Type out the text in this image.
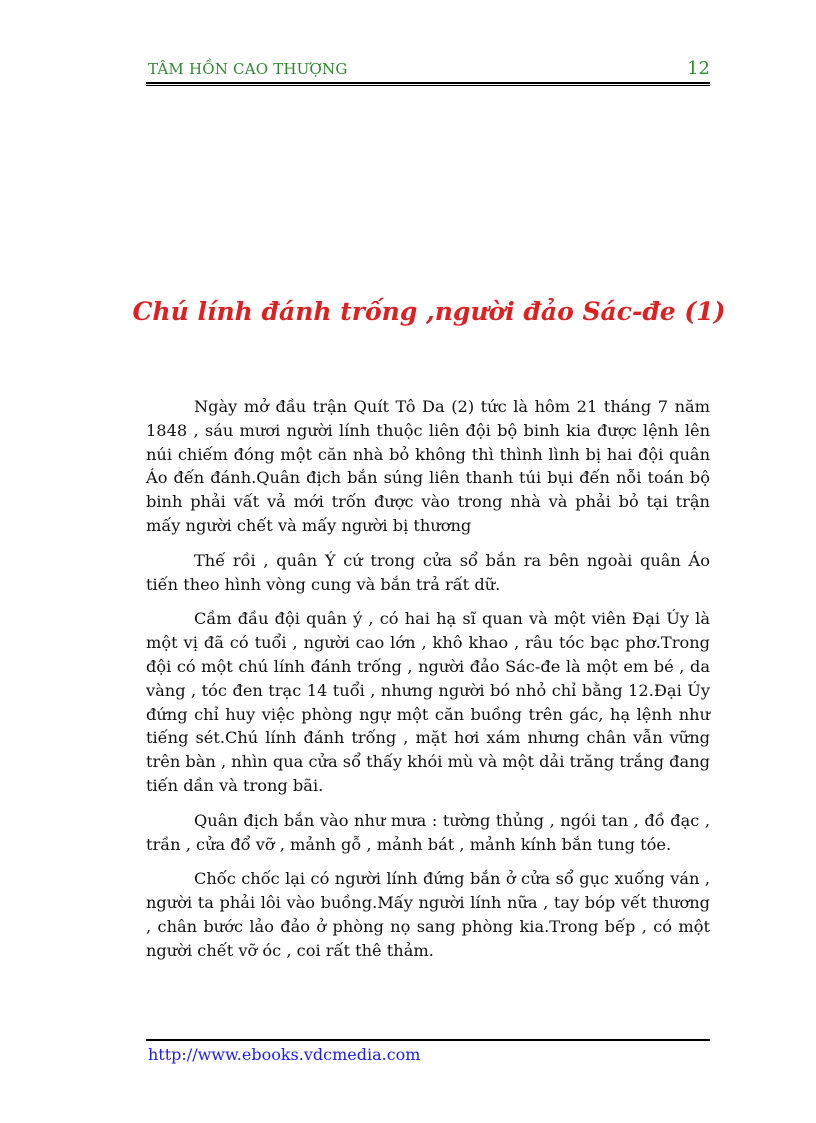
TÂM HỒN CAO THƯỢNG	12
Chú lính đánh trống ,người đảo Sác-đe (1)

Ngày mở đầu trận Quít Tô Da (2) tức là hôm 21 tháng 7 năm 1848 , sáu mươi người lính thuộc liên đội bộ binh kia được lệnh lên núi chiếm đóng một căn nhà bỏ không thì thình lình bị hai đội quân Áo đến đánh.Quân địch bắn súng liên thanh túi bụi đến nỗi toán bộ binh phải vất vả mới trốn được vào trong nhà và phải bỏ tại trận mấy người chết và mấy người bị thương

Thế rồi , quân Ý cứ trong cửa sổ bắn ra bên ngoài quân Áo tiến theo hình vòng cung và bắn trả rất dữ.

Cầm đầu đội quân ý , có hai hạ sĩ quan và một viên Đại Úy là một vị đã có tuổi , người cao lớn , khô khao , râu tóc bạc phơ.Trong đội có một chú lính đánh trống , người đảo Sác-đe là một em bé , da vàng , tóc đen trạc 14 tuổi , nhưng người bó nhỏ chỉ bằng 12.Đại Úy đứng chỉ huy việc phòng ngự một căn buồng trên gác, hạ lệnh như tiếng sét.Chú lính đánh trống , mặt hơi xám nhưng chân vẫn vững trên bàn , nhìn qua cửa sổ thấy khói mù và một dải trăng trắng đang tiến dần và trong bãi.

Quân địch bắn vào như mưa : tường thủng , ngói tan , đồ đạc , trần , cửa đổ vỡ , mảnh gỗ , mảnh bát , mảnh kính bắn tung tóe.

Chốc chốc lại có người lính đứng bắn ở cửa sổ gục xuống ván , người ta phải lôi vào buồng.Mấy người lính nữa , tay bóp vết thương , chân bước lảo đảo ở phòng nọ sang phòng kia.Trong bếp , có một người chết vỡ óc , coi rất thê thảm.

http://www.ebooks.vdcmedia.com
